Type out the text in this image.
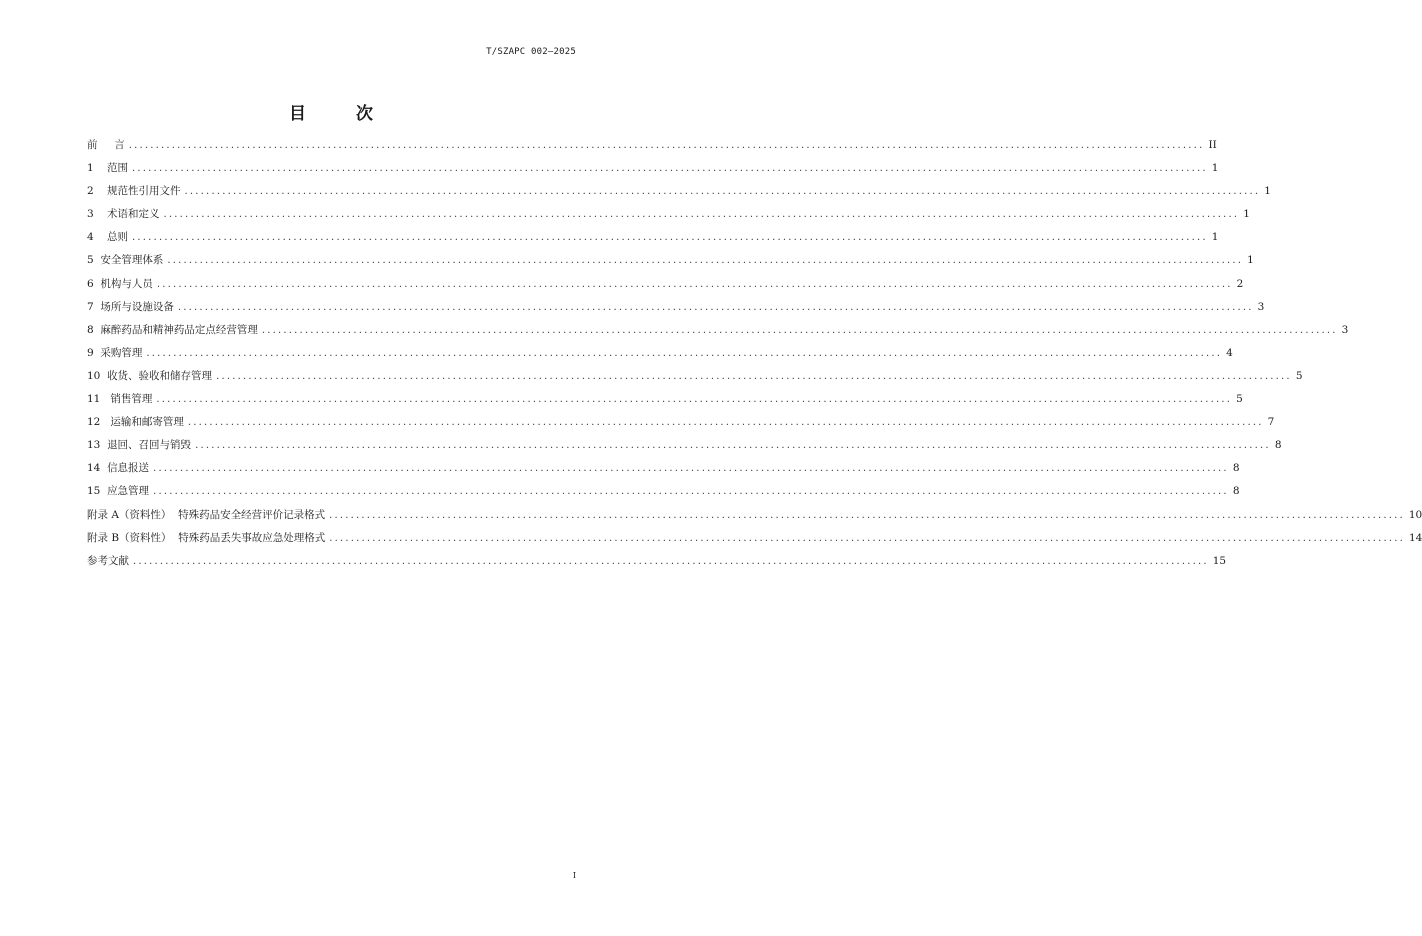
T/SZAPC 002—2025
目 次
前
言 ........................................................................................................................................................................................................ II
1
范围 ........................................................................................................................................................................................................ 1
2
规范性引用文件 ........................................................................................................................................................................................................ 1
3
术语和定义 ........................................................................................................................................................................................................ 1
4
总则 ........................................................................................................................................................................................................ 1
5
安全管理体系 ........................................................................................................................................................................................................ 1
6
机构与人员 ........................................................................................................................................................................................................ 2
7
场所与设施设备 ........................................................................................................................................................................................................ 3
8
麻醉药品和精神药品定点经营管理 ........................................................................................................................................................................................................ 3
9
采购管理 ........................................................................................................................................................................................................ 4
10
收货、验收和储存管理 ........................................................................................................................................................................................................ 5
11
销售管理 ........................................................................................................................................................................................................ 5
12
运输和邮寄管理 ........................................................................................................................................................................................................ 7
13
退回、召回与销毁 ........................................................................................................................................................................................................ 8
14
信息报送 ........................................................................................................................................................................................................ 8
15
应急管理 ........................................................................................................................................................................................................ 8
附录 A（资料性）
特殊药品安全经营评价记录格式 ........................................................................................................................................................................................................ 10
附录 B（资料性）
特殊药品丢失事故应急处理格式 ........................................................................................................................................................................................................ 14
参考文献 ........................................................................................................................................................................................................ 15
I
